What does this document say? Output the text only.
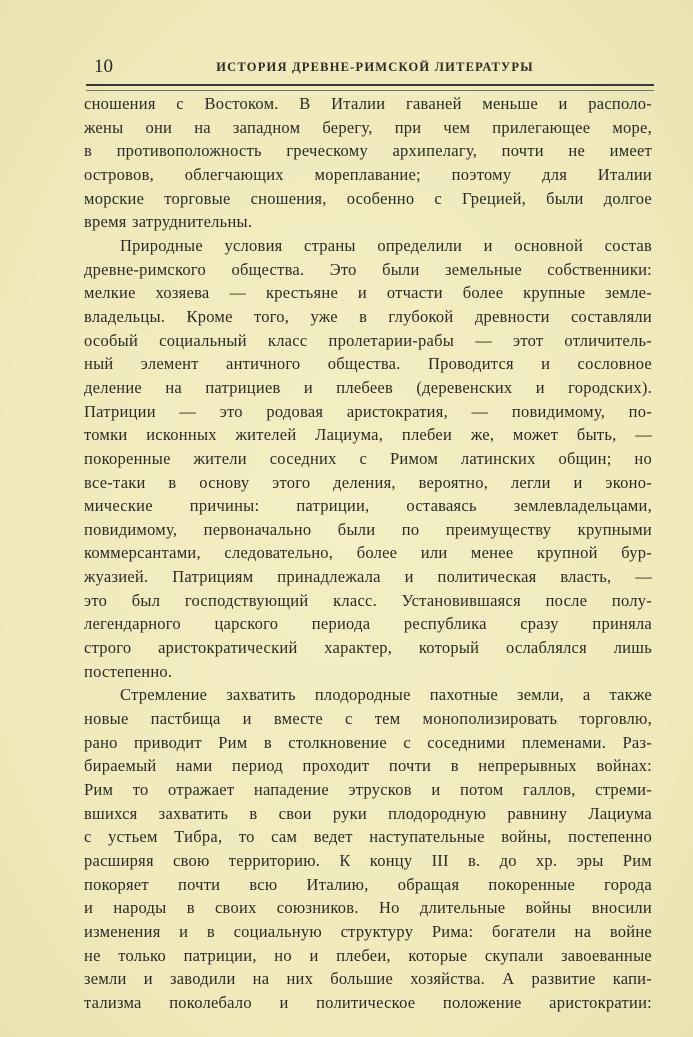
10	ИСТОРИЯ ДРЕВНЕ-РИМСКОЙ ЛИТЕРАТУРЫ
сношения с Востоком. В Италии гаваней меньше и располо-
жены они на западном берегу, при чем прилегающее море,
в противоположность греческому архипелагу, почти не имеет
островов, облегчающих мореплавание; поэтому для Италии
морские торговые сношения, особенно с Грецией, были долгое
время затруднительны.
Природные условия страны определили и основной состав
древне-римского общества. Это были земельные собственники:
мелкие хозяева — крестьяне и отчасти более крупные земле-
владельцы. Кроме того, уже в глубокой древности составляли
особый социальный класс пролетарии-рабы — этот отличитель-
ный элемент античного общества. Проводится и сословное
деление на патрициев и плебеев (деревенских и городских).
Патриции — это родовая аристократия, — повидимому, по-
томки исконных жителей Лациума, плебеи же, может быть, —
покоренные жители соседних с Римом латинских общин; но
все-таки в основу этого деления, вероятно, легли и эконо-
мические причины: патриции, оставаясь землевладельцами,
повидимому, первоначально были по преимуществу крупными
коммерсантами, следовательно, более или менее крупной бур-
жуазией. Патрициям принадлежала и политическая власть, —
это был господствующий класс. Установившаяся после полу-
легендарного царского периода республика сразу приняла
строго аристократический характер, который ослаблялся лишь
постепенно.
Стремление захватить плодородные пахотные земли, а также
новые пастбища и вместе с тем монополизировать торговлю,
рано приводит Рим в столкновение с соседними племенами. Раз-
бираемый нами период проходит почти в непрерывных войнах:
Рим то отражает нападение этрусков и потом галлов, стреми-
вшихся захватить в свои руки плодородную равнину Лациума
с устьем Тибра, то сам ведет наступательные войны, постепенно
расширяя свою территорию. К концу III в. до хр. эры Рим
покоряет почти всю Италию, обращая покоренные города
и народы в своих союзников. Но длительные войны вносили
изменения и в социальную структуру Рима: богатели на войне
не только патриции, но и плебеи, которые скупали завоеванные
земли и заводили на них большие хозяйства. А развитие капи-
тализма поколебало и политическое положение аристократии:
